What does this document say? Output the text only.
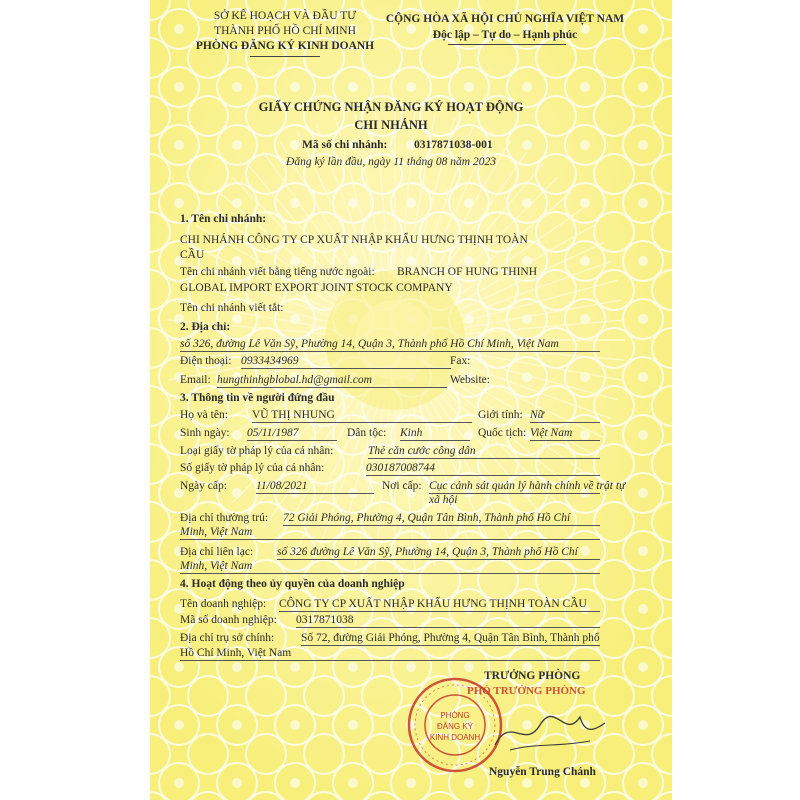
SỞ KẾ HOẠCH VÀ ĐẦU TƯ
THÀNH PHỐ HỒ CHÍ MINH
PHÒNG ĐĂNG KÝ KINH DOANH
CỘNG HÒA XÃ HỘI CHỦ NGHĨA VIỆT NAM
Độc lập – Tự do – Hạnh phúc
GIẤY CHỨNG NHẬN ĐĂNG KÝ HOẠT ĐỘNG
CHI NHÁNH
Mã số chi nhánh: 0317871038-001
Đăng ký lần đầu, ngày 11 tháng 08 năm 2023
1. Tên chi nhánh:
CHI NHÁNH CÔNG TY CP XUẤT NHẬP KHẨU HƯNG THỊNH TOÀN
CẦU
Tên chi nhánh viết bằng tiếng nước ngoài: BRANCH OF HUNG THINH
GLOBAL IMPORT EXPORT JOINT STOCK COMPANY
Tên chi nhánh viết tắt:
2. Địa chỉ:
số 326, đường Lê Văn Sỹ, Phường 14, Quận 3, Thành phố Hồ Chí Minh, Việt Nam
Điện thoại: 0933434969	Fax:
Email: hungthinhgblobal.hd@gmail.com	Website:
3. Thông tin về người đứng đầu
Họ và tên: VŨ THỊ NHUNG	Giới tính: Nữ
Sinh ngày: 05/11/1987	Dân tộc: Kinh	Quốc tịch: Việt Nam
Loại giấy tờ pháp lý của cá nhân:	Thẻ căn cước công dân
Số giấy tờ pháp lý của cá nhân:	030187008744
Ngày cấp:	11/08/2021	Nơi cấp: Cục cảnh sát quản lý hành chính về trật tự
xã hội
Địa chỉ thường trú: 72 Giải Phóng, Phường 4, Quận Tân Bình, Thành phố Hồ Chí
Minh, Việt Nam
Địa chỉ liên lạc: số 326 đường Lê Văn Sỹ, Phường 14, Quận 3, Thành phố Hồ Chí
Minh, Việt Nam
4. Hoạt động theo ủy quyền của doanh nghiệp
Tên doanh nghiệp: CÔNG TY CP XUẤT NHẬP KHẨU HƯNG THỊNH TOÀN CẦU
Mã số doanh nghiệp: 0317871038
Địa chỉ trụ sở chính: Số 72, đường Giải Phóng, Phường 4, Quận Tân Bình, Thành phố
Hồ Chí Minh, Việt Nam
TRƯỞNG PHÒNG
PHÓ TRƯỞNG PHÒNG
PHÒNG
ĐĂNG KÝ
KINH DOANH
Nguyễn Trung Chánh
